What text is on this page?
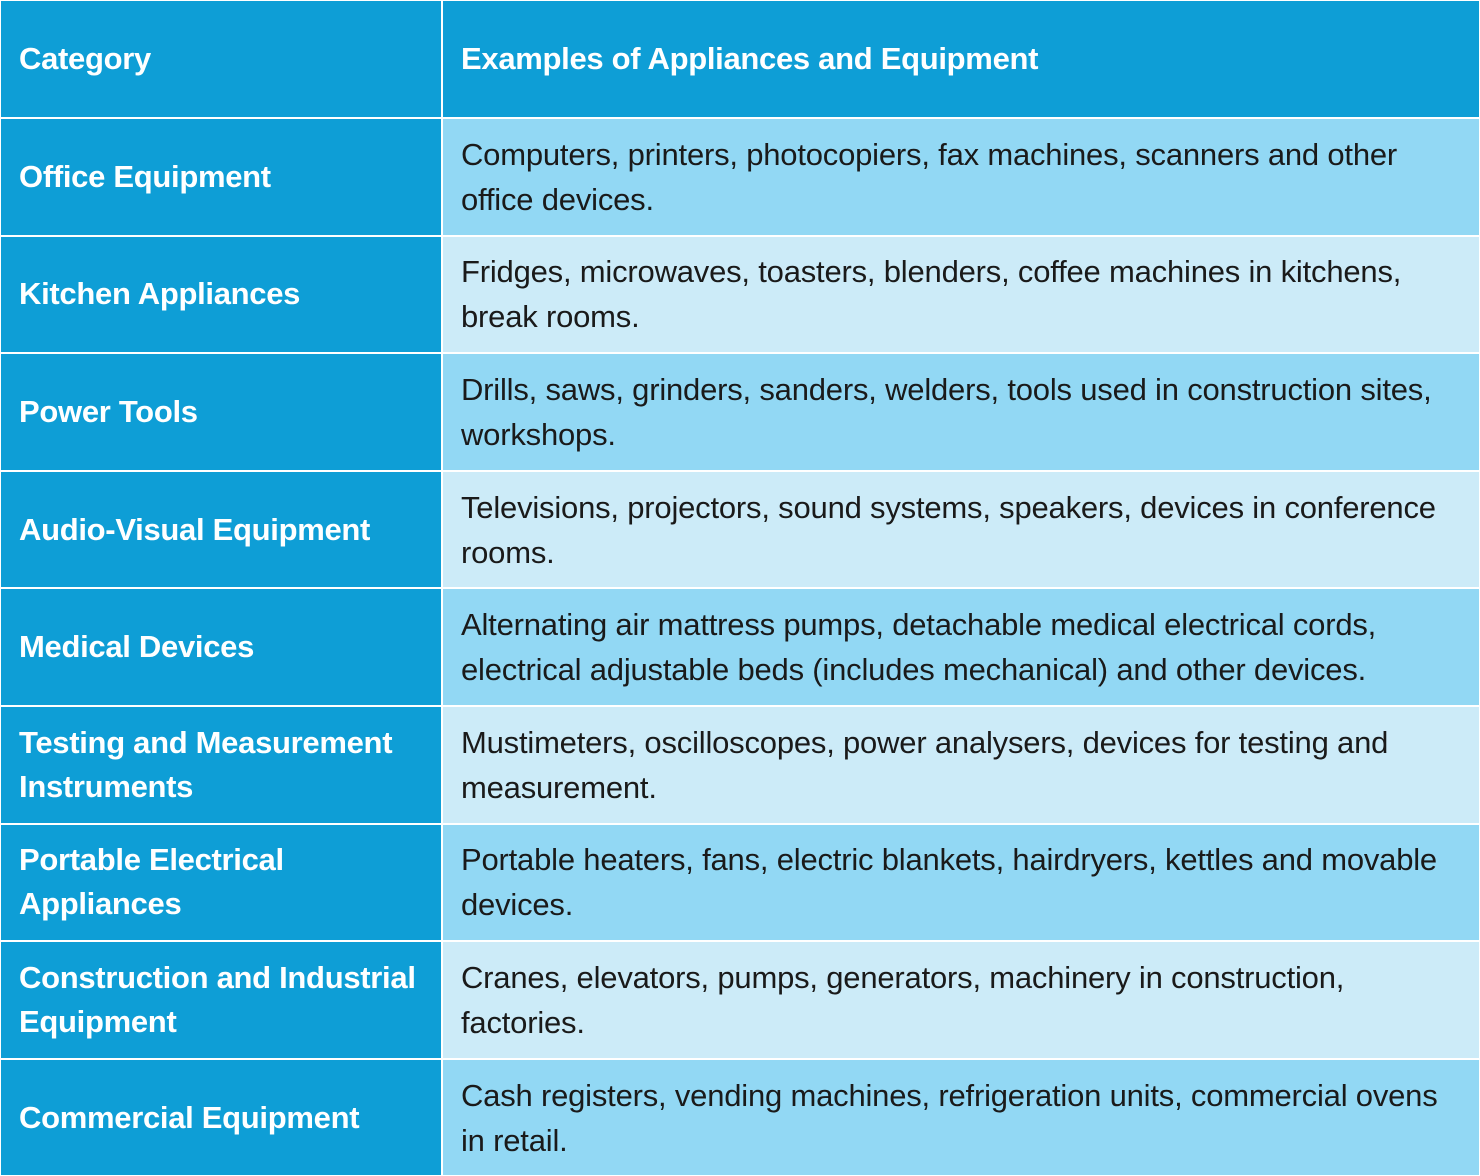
Category	Examples of Appliances and Equipment
Office Equipment
Computers, printers, photocopiers, fax machines, scanners and other office devices.
Kitchen Appliances
Fridges, microwaves, toasters, blenders, coffee machines in kitchens, break rooms.
Power Tools
Drills, saws, grinders, sanders, welders, tools used in construction sites, workshops.
Audio-Visual Equipment
Televisions, projectors, sound systems, speakers, devices in conference rooms.
Medical Devices
Alternating air mattress pumps, detachable medical electrical cords, electrical adjustable beds (includes mechanical) and other devices.
Testing and Measurement Instruments
Mustimeters, oscilloscopes, power analysers, devices for testing and measurement.
Portable Electrical Appliances
Portable heaters, fans, electric blankets, hairdryers, kettles and movable devices.
Construction and Industrial Equipment
Cranes, elevators, pumps, generators, machinery in construction, factories.
Commercial Equipment
Cash registers, vending machines, refrigeration units, commercial ovens in retail.
